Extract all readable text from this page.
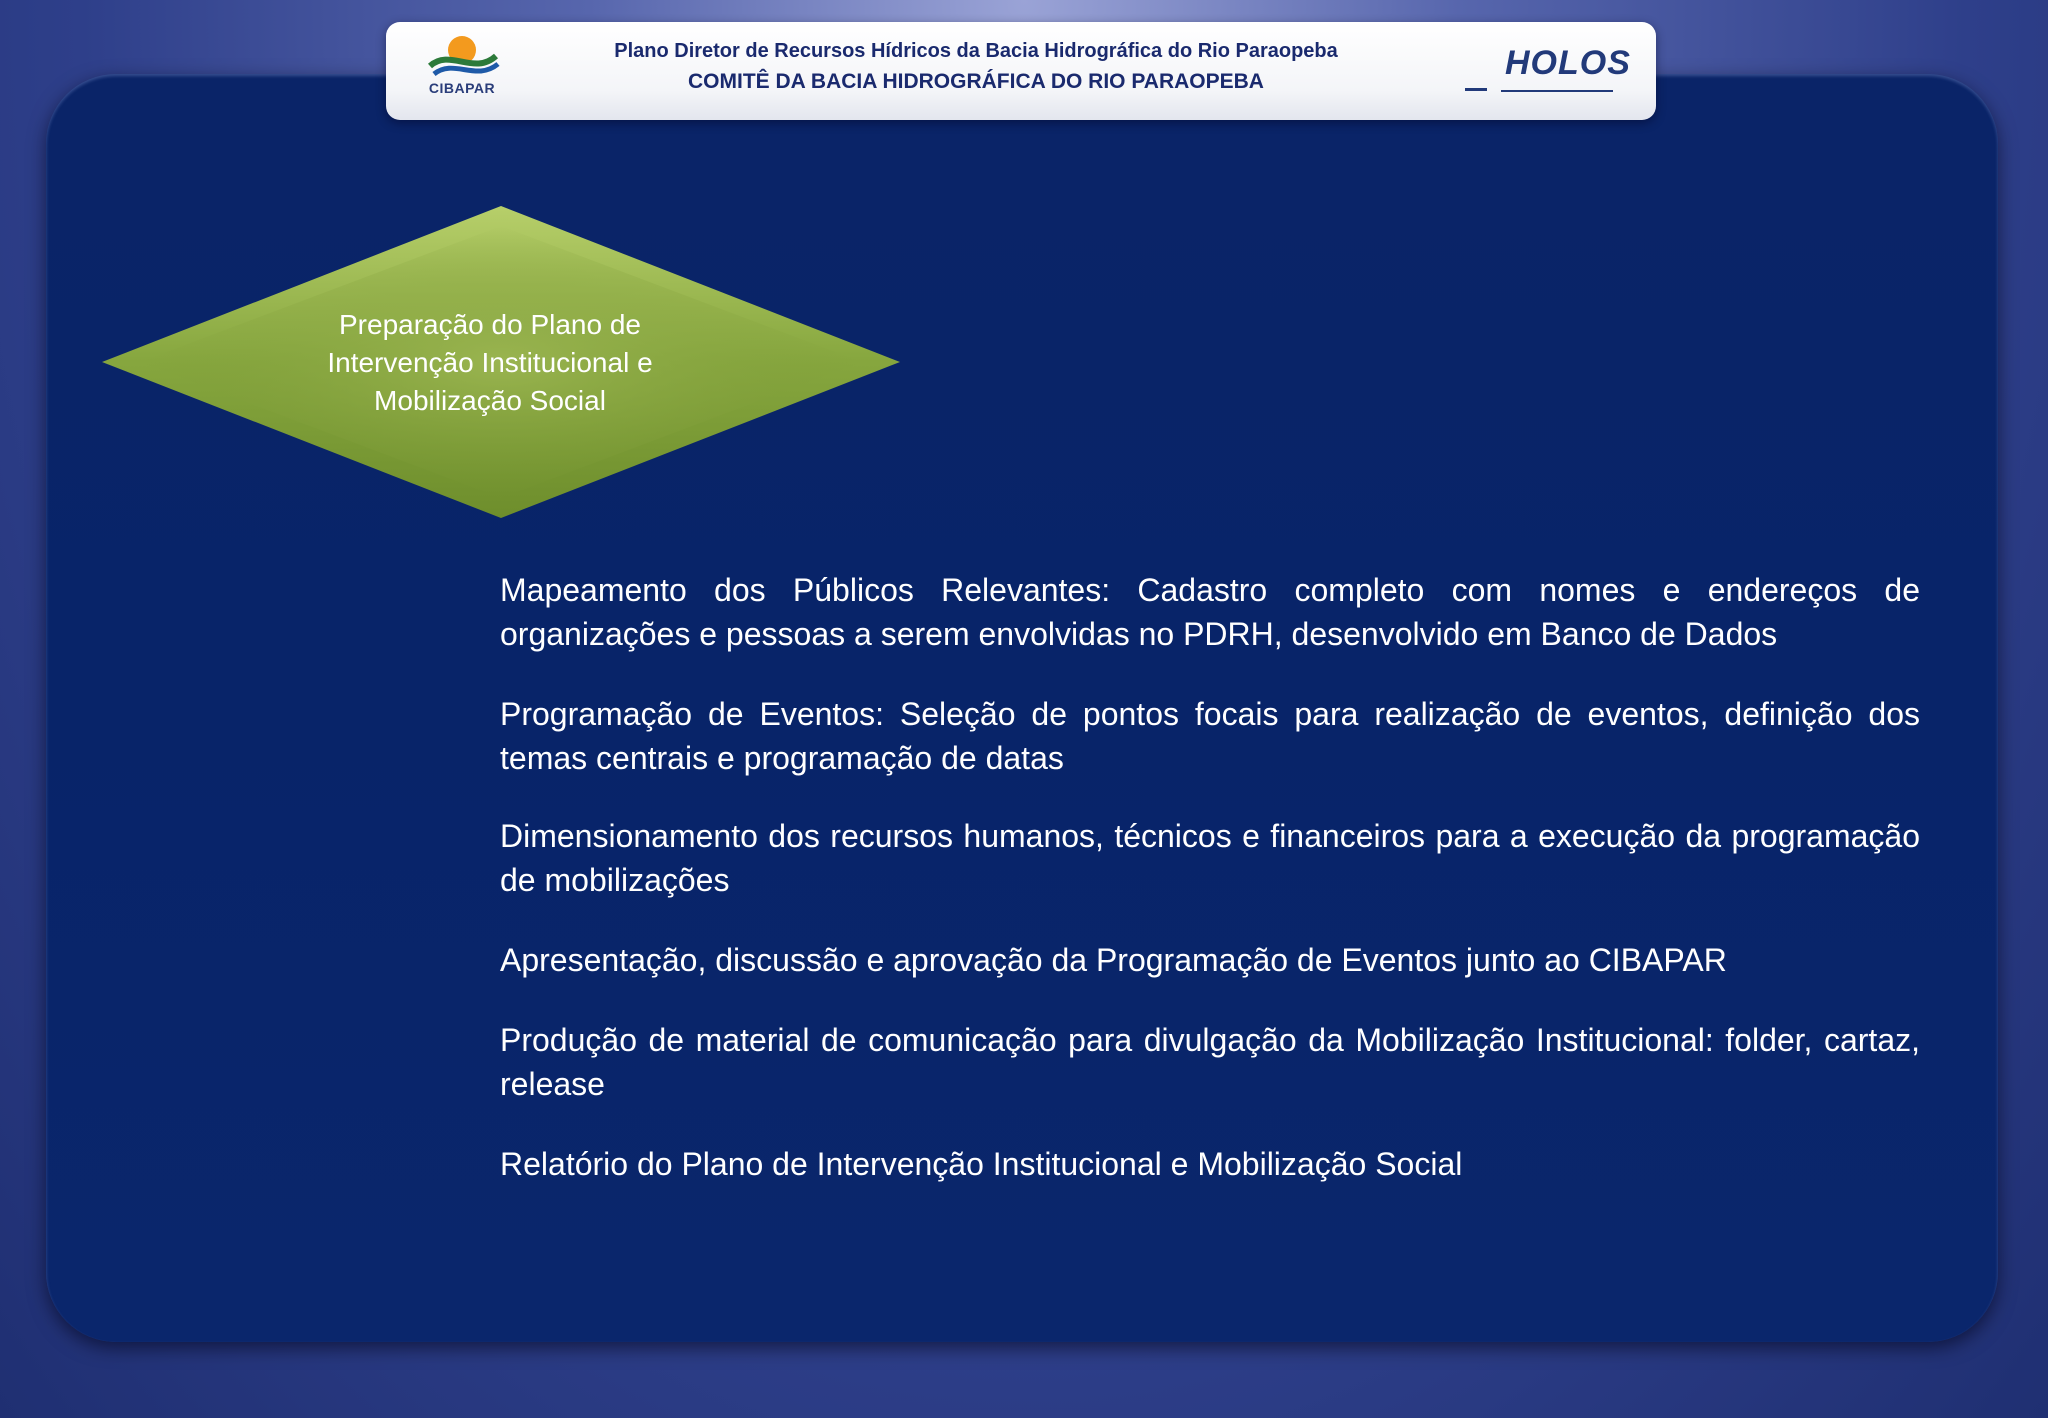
CIBAPAR
Plano Diretor de Recursos Hídricos da Bacia Hidrográfica do Rio Paraopeba
COMITÊ DA BACIA HIDROGRÁFICA DO RIO PARAOPEBA	HOLOS
Preparação do Plano de Intervenção Institucional e Mobilização Social
Mapeamento dos Públicos Relevantes: Cadastro completo com nomes e endereços de organizações e pessoas a serem envolvidas no PDRH, desenvolvido em Banco de Dados
Programação de Eventos: Seleção de pontos focais para realização de eventos, definição dos temas centrais e programação de datas
Dimensionamento dos recursos humanos, técnicos e financeiros para a execução da programação de mobilizações
Apresentação, discussão e aprovação da Programação de Eventos junto ao CIBAPAR
Produção de material de comunicação para divulgação da Mobilização Institucional: folder, cartaz, release
Relatório do Plano de Intervenção Institucional e Mobilização Social
